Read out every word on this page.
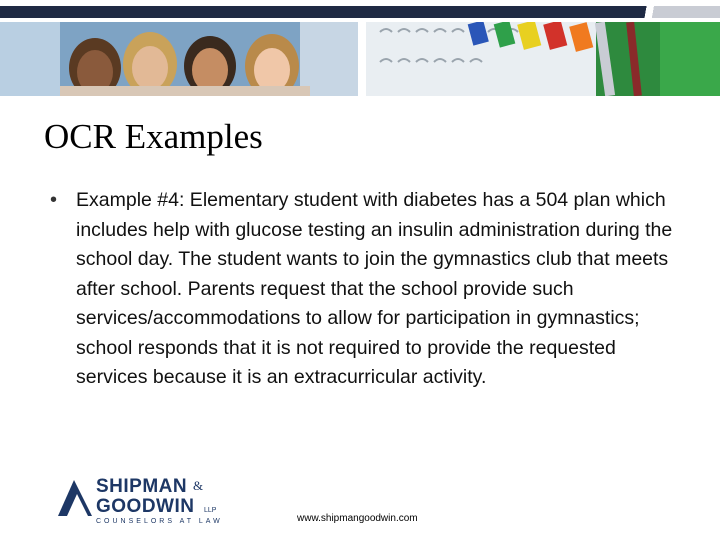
OCR Examples
• Example #4: Elementary student with diabetes has a 504 plan which includes help with glucose testing an insulin administration during the school day. The student wants to join the gymnastics club that meets after school. Parents request that the school provide such services/accommodations to allow for participation in gymnastics; school responds that it is not required to provide the requested services because it is an extracurricular activity.

SHIPMAN &
GOODWIN LLP
COUNSELORS AT LAW	www.shipmangoodwin.com
